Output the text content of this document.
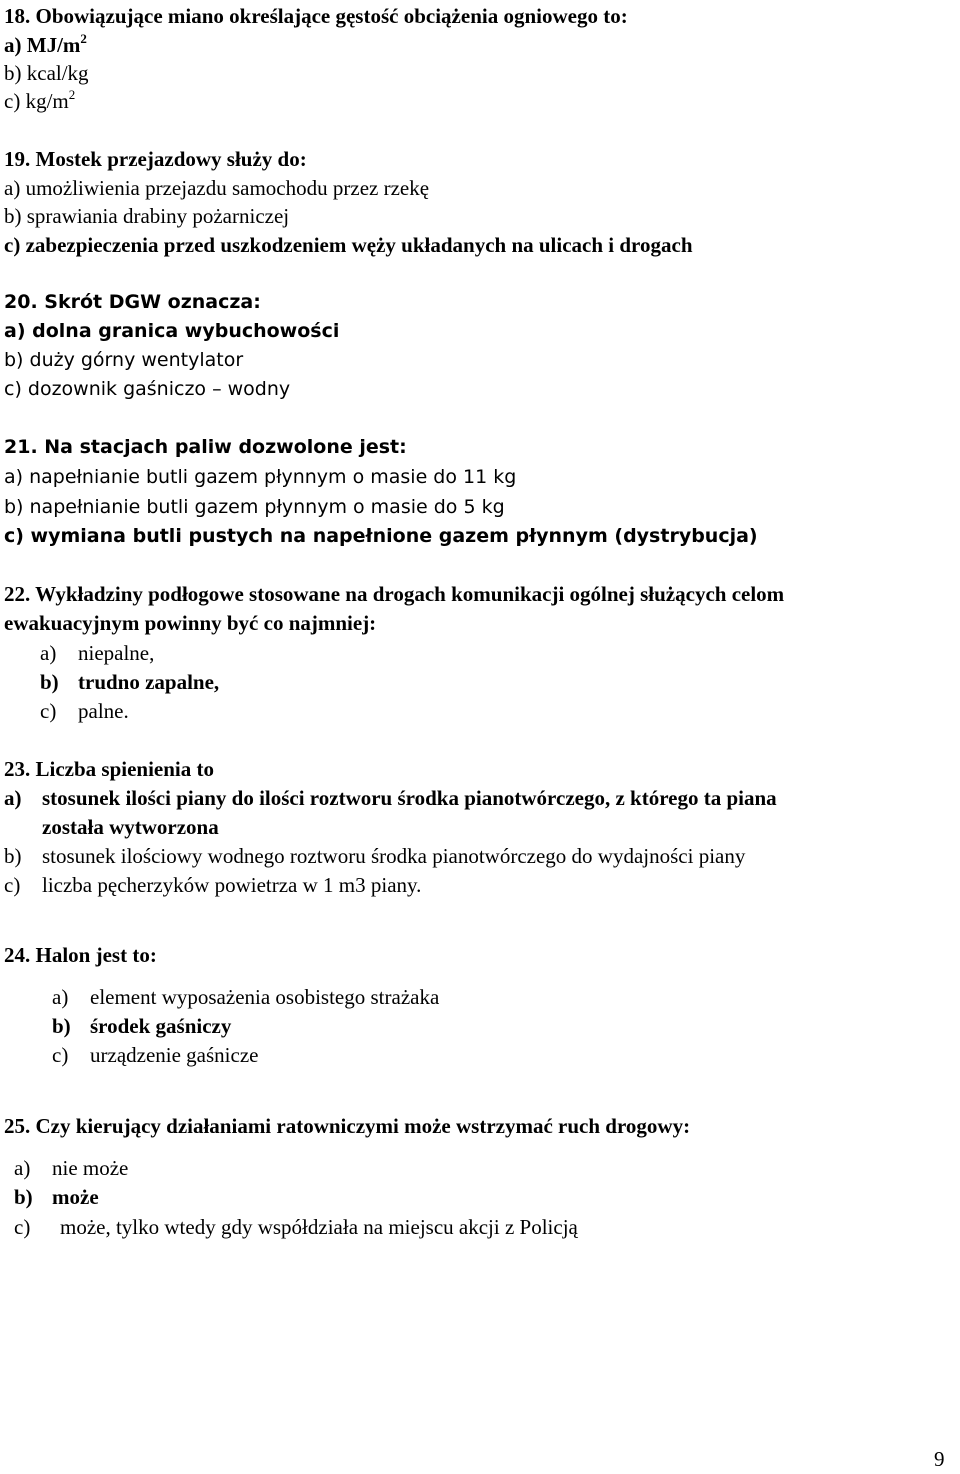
18. Obowiązujące miano określające gęstość obciążenia ogniowego to:
a) $MJ/m^2$
b) kcal/kg
c) $kg/m^2$
19. Mostek przejazdowy służy do:
a) umożliwienia przejazdu samochodu przez rzekę
b) sprawiania drabiny pożarniczej
c) zabezpieczenia przed uszkodzeniem węży układanych na ulicach i drogach
20. Skrót DGW oznacza:
a) dolna granica wybuchowości
b) duży górny wentylator
c) dozownik gaśniczo – wodny
21. Na stacjach paliw dozwolone jest:
a) napełnianie butli gazem płynnym o masie do 11 kg
b) napełnianie butli gazem płynnym o masie do 5 kg
c) wymiana butli pustych na napełnione gazem płynnym (dystrybucja)
22. Wykładziny podłogowe stosowane na drogach komunikacji ogólnej służących celom
ewakuacyjnym powinny być co najmniej:
a) niepalne,
b) trudno zapalne,
c) palne.
23. Liczba spienienia to
a) stosunek ilości piany do ilości roztworu środka pianotwórczego, z którego ta piana
została wytworzona
b) stosunek ilościowy wodnego roztworu środka pianotwórczego do wydajności piany
c) liczba pęcherzyków powietrza w 1 m3 piany.
24. Halon jest to:
a) element wyposażenia osobistego strażaka
b) środek gaśniczy
c) urządzenie gaśnicze
25. Czy kierujący działaniami ratowniczymi może wstrzymać ruch drogowy:
a) nie może
b) może
c) może, tylko wtedy gdy współdziała na miejscu akcji z Policją
9
